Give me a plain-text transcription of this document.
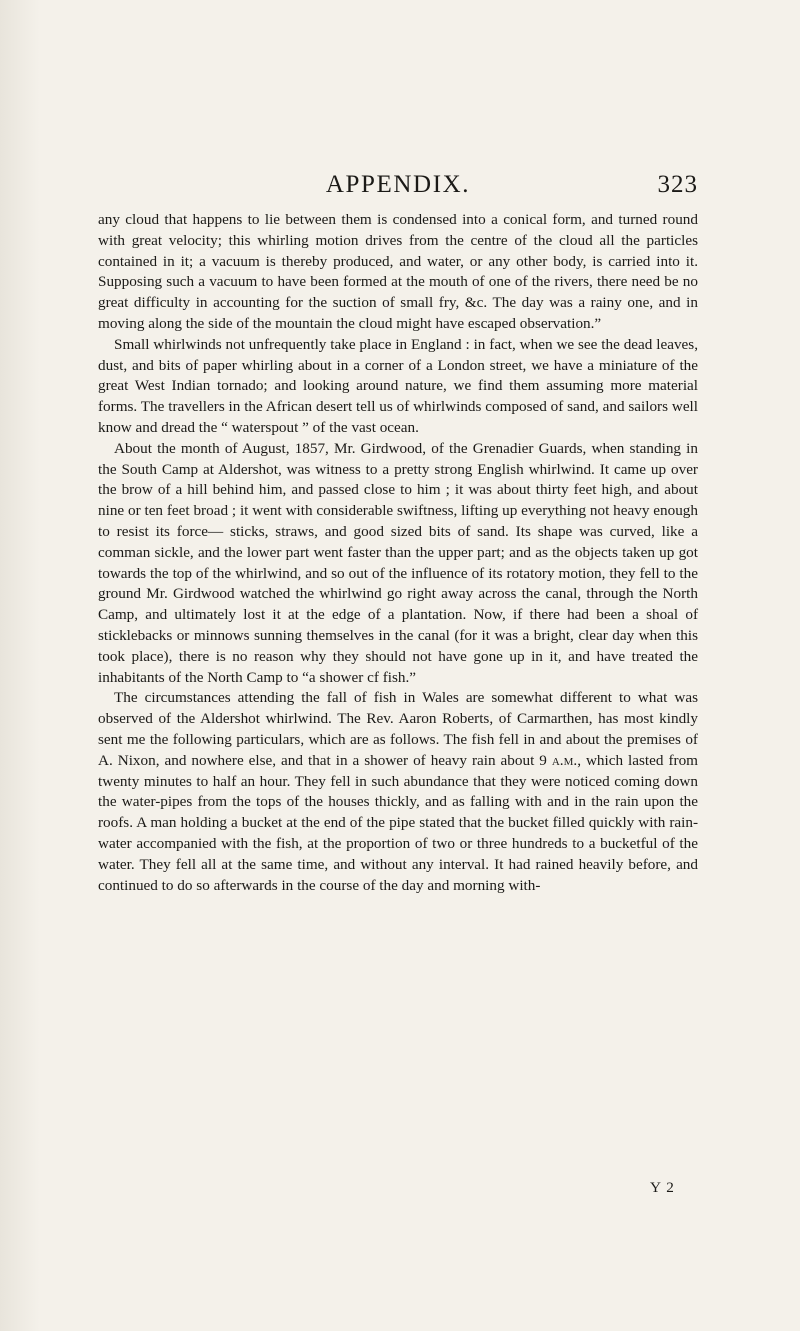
APPENDIX.	323

any cloud that happens to lie between them is condensed into a conical form, and turned round with great velocity; this whirling motion drives from the centre of the cloud all the particles contained in it; a vacuum is thereby produced, and water, or any other body, is carried into it. Supposing such a vacuum to have been formed at the mouth of one of the rivers, there need be no great difficulty in accounting for the suction of small fry, &c. The day was a rainy one, and in moving along the side of the mountain the cloud might have escaped observation.”

Small whirlwinds not unfrequently take place in England : in fact, when we see the dead leaves, dust, and bits of paper whirling about in a corner of a London street, we have a miniature of the great West Indian tornado; and looking around nature, we find them assuming more material forms. The travellers in the African desert tell us of whirlwinds composed of sand, and sailors well know and dread the “ waterspout ” of the vast ocean.

About the month of August, 1857, Mr. Girdwood, of the Grenadier Guards, when standing in the South Camp at Aldershot, was witness to a pretty strong English whirlwind. It came up over the brow of a hill behind him, and passed close to him ; it was about thirty feet high, and about nine or ten feet broad ; it went with considerable swiftness, lifting up everything not heavy enough to resist its force— sticks, straws, and good sized bits of sand. Its shape was curved, like a comman sickle, and the lower part went faster than the upper part; and as the objects taken up got towards the top of the whirlwind, and so out of the influence of its rotatory motion, they fell to the ground Mr. Girdwood watched the whirlwind go right away across the canal, through the North Camp, and ultimately lost it at the edge of a plantation. Now, if there had been a shoal of sticklebacks or minnows sunning themselves in the canal (for it was a bright, clear day when this took place), there is no reason why they should not have gone up in it, and have treated the inhabitants of the North Camp to “a shower cf fish.”

The circumstances attending the fall of fish in Wales are somewhat different to what was observed of the Aldershot whirlwind. The Rev. Aaron Roberts, of Carmarthen, has most kindly sent me the following particulars, which are as follows. The fish fell in and about the premises of A. Nixon, and nowhere else, and that in a shower of heavy rain about 9 a.m., which lasted from twenty minutes to half an hour. They fell in such abundance that they were noticed coming down the water-pipes from the tops of the houses thickly, and as falling with and in the rain upon the roofs. A man holding a bucket at the end of the pipe stated that the bucket filled quickly with rain-water accompanied with the fish, at the proportion of two or three hundreds to a bucketful of the water. They fell all at the same time, and without any interval. It had rained heavily before, and continued to do so afterwards in the course of the day and morning with-

Y 2
